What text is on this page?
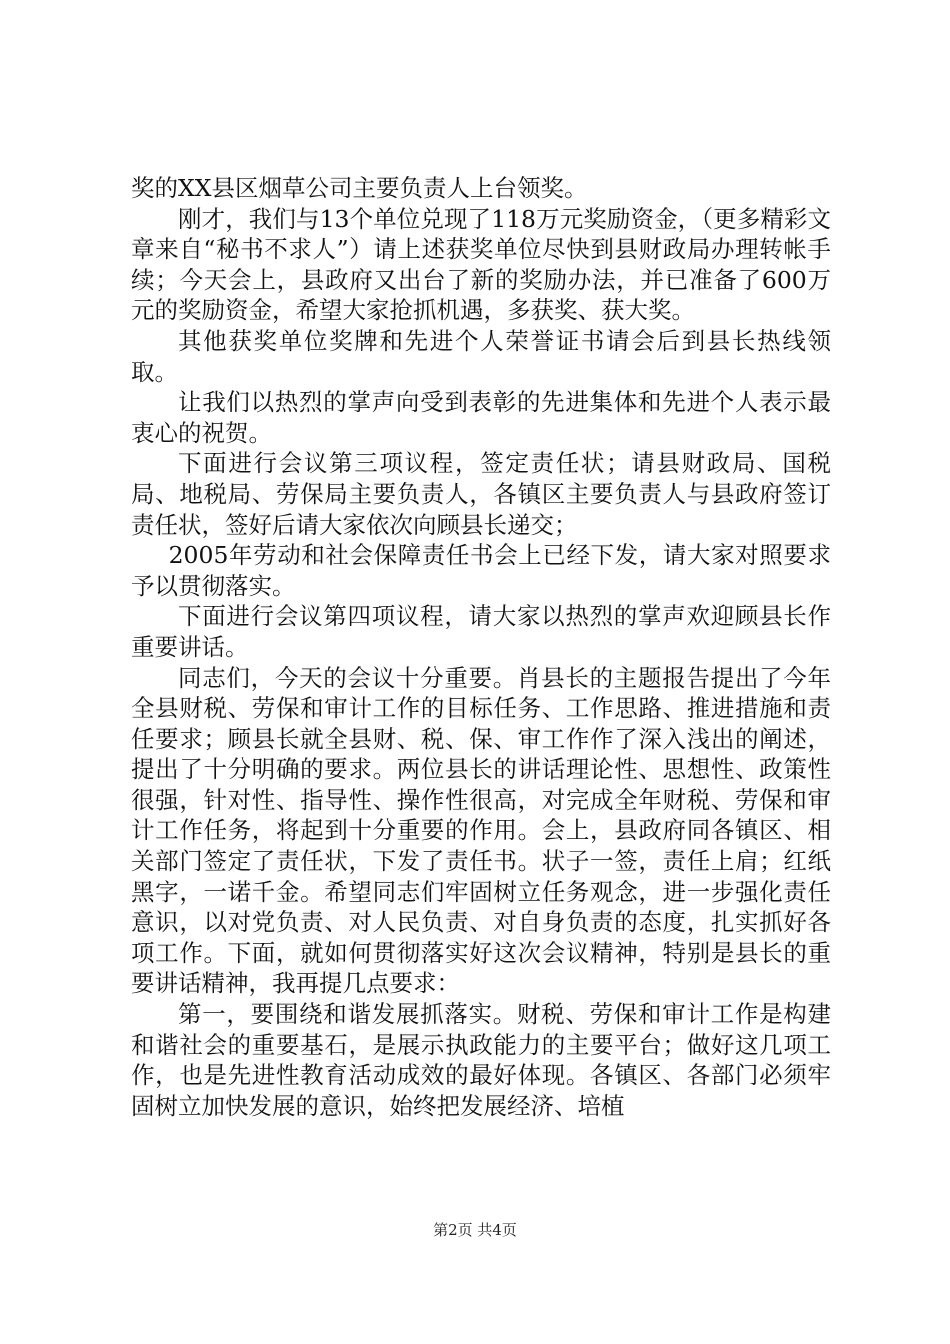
奖的XX县区烟草公司主要负责人上台领奖。

刚才，我们与13个单位兑现了118万元奖励资金，（更多精彩文章来自“秘书不求人”）请上述获奖单位尽快到县财政局办理转帐手续；今天会上，县政府又出台了新的奖励办法，并已准备了600万元的奖励资金，希望大家抢抓机遇，多获奖、获大奖。

其他获奖单位奖牌和先进个人荣誉证书请会后到县长热线领取。

让我们以热烈的掌声向受到表彰的先进集体和先进个人表示最衷心的祝贺。

下面进行会议第三项议程，签定责任状；请县财政局、国税局、地税局、劳保局主要负责人，各镇区主要负责人与县政府签订责任状，签好后请大家依次向顾县长递交；

2005年劳动和社会保障责任书会上已经下发，请大家对照要求予以贯彻落实。

下面进行会议第四项议程，请大家以热烈的掌声欢迎顾县长作重要讲话。

同志们，今天的会议十分重要。肖县长的主题报告提出了今年全县财税、劳保和审计工作的目标任务、工作思路、推进措施和责任要求；顾县长就全县财、税、保、审工作作了深入浅出的阐述，提出了十分明确的要求。两位县长的讲话理论性、思想性、政策性很强，针对性、指导性、操作性很高，对完成全年财税、劳保和审计工作任务，将起到十分重要的作用。会上，县政府同各镇区、相关部门签定了责任状，下发了责任书。状子一签，责任上肩；红纸黑字，一诺千金。希望同志们牢固树立任务观念，进一步强化责任意识，以对党负责、对人民负责、对自身负责的态度，扎实抓好各项工作。下面，就如何贯彻落实好这次会议精神，特别是县长的重要讲话精神，我再提几点要求：

第一，要围绕和谐发展抓落实。财税、劳保和审计工作是构建和谐社会的重要基石，是展示执政能力的主要平台；做好这几项工作，也是先进性教育活动成效的最好体现。各镇区、各部门必须牢固树立加快发展的意识，始终把发展经济、培植

第2页 共4页
